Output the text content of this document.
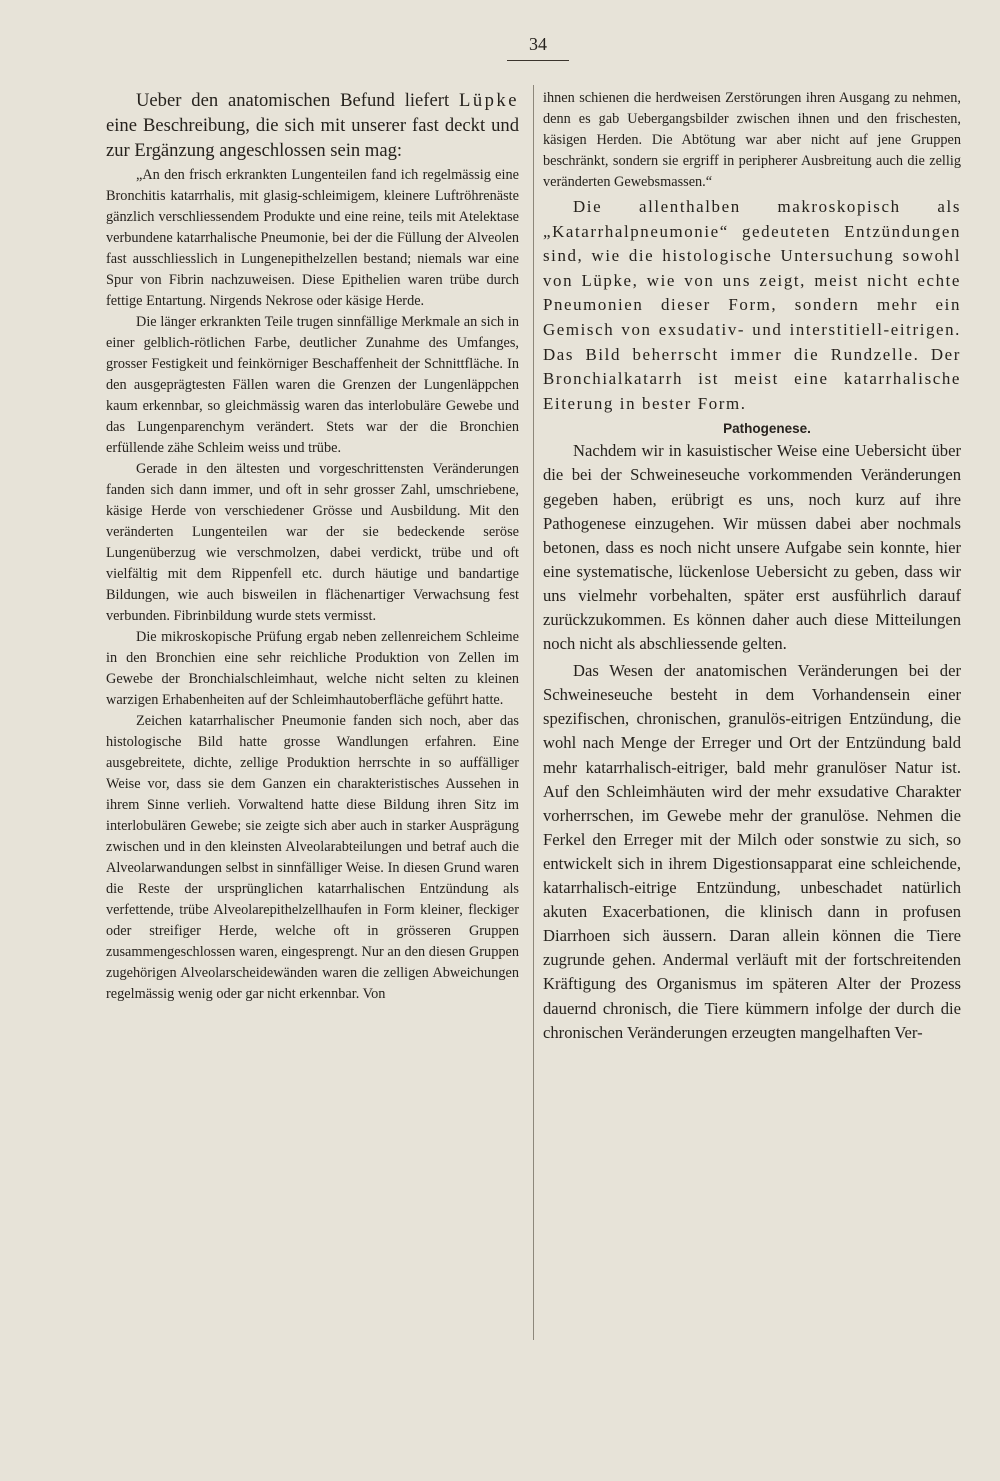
34

Ueber den anatomischen Befund liefert Lüpke eine Beschreibung, die sich mit unserer fast deckt und zur Ergänzung angeschlossen sein mag:

„An den frisch erkrankten Lungenteilen fand ich regelmässig eine Bronchitis katarrhalis, mit glasig-schleimigem, kleinere Luftröhrenäste gänzlich verschliessendem Produkte und eine reine, teils mit Atelektase verbundene katarrhalische Pneumonie, bei der die Füllung der Alveolen fast ausschliesslich in Lungenepithelzellen bestand; niemals war eine Spur von Fibrin nachzuweisen. Diese Epithelien waren trübe durch fettige Entartung. Nirgends Nekrose oder käsige Herde.

Die länger erkrankten Teile trugen sinnfällige Merkmale an sich in einer gelblich-rötlichen Farbe, deutlicher Zunahme des Umfanges, grosser Festigkeit und feinkörniger Beschaffenheit der Schnittfläche. In den ausgeprägtesten Fällen waren die Grenzen der Lungenläppchen kaum erkennbar, so gleichmässig waren das interlobuläre Gewebe und das Lungenparenchym verändert. Stets war der die Bronchien erfüllende zähe Schleim weiss und trübe.

Gerade in den ältesten und vorgeschrittensten Veränderungen fanden sich dann immer, und oft in sehr grosser Zahl, umschriebene, käsige Herde von verschiedener Grösse und Ausbildung. Mit den veränderten Lungenteilen war der sie bedeckende seröse Lungenüberzug wie verschmolzen, dabei verdickt, trübe und oft vielfältig mit dem Rippenfell etc. durch häutige und bandartige Bildungen, wie auch bisweilen in flächenartiger Verwachsung fest verbunden. Fibrinbildung wurde stets vermisst.

Die mikroskopische Prüfung ergab neben zellenreichem Schleime in den Bronchien eine sehr reichliche Produktion von Zellen im Gewebe der Bronchialschleimhaut, welche nicht selten zu kleinen warzigen Erhabenheiten auf der Schleimhautoberfläche geführt hatte.

Zeichen katarrhalischer Pneumonie fanden sich noch, aber das histologische Bild hatte grosse Wandlungen erfahren. Eine ausgebreitete, dichte, zellige Produktion herrschte in so auffälliger Weise vor, dass sie dem Ganzen ein charakteristisches Aussehen in ihrem Sinne verlieh. Vorwaltend hatte diese Bildung ihren Sitz im interlobulären Gewebe; sie zeigte sich aber auch in starker Ausprägung zwischen und in den kleinsten Alveolarabteilungen und betraf auch die Alveolarwandungen selbst in sinnfälliger Weise. In diesen Grund waren die Reste der ursprünglichen katarrhalischen Entzündung als verfettende, trübe Alveolarepithelzellhaufen in Form kleiner, fleckiger oder streifiger Herde, welche oft in grösseren Gruppen zusammengeschlossen waren, eingesprengt. Nur an den diesen Gruppen zugehörigen Alveolarscheidewänden waren die zelligen Abweichungen regelmässig wenig oder gar nicht erkennbar. Von

ihnen schienen die herdweisen Zerstörungen ihren Ausgang zu nehmen, denn es gab Uebergangsbilder zwischen ihnen und den frischesten, käsigen Herden. Die Abtötung war aber nicht auf jene Gruppen beschränkt, sondern sie ergriff in peripherer Ausbreitung auch die zellig veränderten Gewebsmassen.“

Die allenthalben makroskopisch als „Katarrhalpneumonie“ gedeuteten Entzündungen sind, wie die histologische Untersuchung sowohl von Lüpke, wie von uns zeigt, meist nicht echte Pneumonien dieser Form, sondern mehr ein Gemisch von exsudativ- und interstitiell-eitrigen. Das Bild beherrscht immer die Rundzelle. Der Bronchialkatarrh ist meist eine katarrhalische Eiterung in bester Form.

Pathogenese.

Nachdem wir in kasuistischer Weise eine Uebersicht über die bei der Schweineseuche vorkommenden Veränderungen gegeben haben, erübrigt es uns, noch kurz auf ihre Pathogenese einzugehen. Wir müssen dabei aber nochmals betonen, dass es noch nicht unsere Aufgabe sein konnte, hier eine systematische, lückenlose Uebersicht zu geben, dass wir uns vielmehr vorbehalten, später erst ausführlich darauf zurückzukommen. Es können daher auch diese Mitteilungen noch nicht als abschliessende gelten.

Das Wesen der anatomischen Veränderungen bei der Schweineseuche besteht in dem Vorhandensein einer spezifischen, chronischen, granulös-eitrigen Entzündung, die wohl nach Menge der Erreger und Ort der Entzündung bald mehr katarrhalisch-eitriger, bald mehr granulöser Natur ist. Auf den Schleimhäuten wird der mehr exsudative Charakter vorherrschen, im Gewebe mehr der granulöse. Nehmen die Ferkel den Erreger mit der Milch oder sonstwie zu sich, so entwickelt sich in ihrem Digestionsapparat eine schleichende, katarrhalisch-eitrige Entzündung, unbeschadet natürlich akuten Exacerbationen, die klinisch dann in profusen Diarrhoen sich äussern. Daran allein können die Tiere zugrunde gehen. Andermal verläuft mit der fortschreitenden Kräftigung des Organismus im späteren Alter der Prozess dauernd chronisch, die Tiere kümmern infolge der durch die chronischen Veränderungen erzeugten mangelhaften Ver-
